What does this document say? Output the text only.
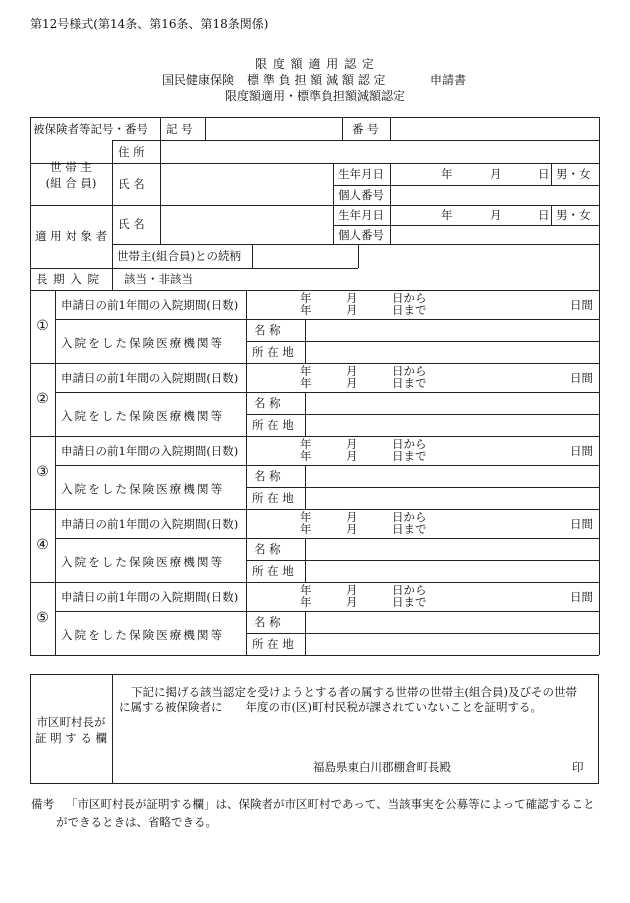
第12号様式(第14条、第16条、第18条関係)
限 度 額 適 用 認 定
国民健康保険 標 準 負 担 額 減 額 認 定	申請書
限度額適用・標準負担額減額認定
被保険者等記号・番号 記 号	番 号
世 帯 主
(組 合 員)
住 所
氏 名
生年月日	年	月	日 男・女
個人番号
適 用 対 象 者
氏 名
生年月日	年	月	日 男・女
個人番号
世帯主(組合員)との続柄
長 期 入 院 該当・非該当
①
申請日の前1年間の入院期間(日数)	年　　　月　　　日から
年　　　月　　　日まで	日間
入院をした保険医療機関等
名 称
所 在 地
②
申請日の前1年間の入院期間(日数)	年　　　月　　　日から
年　　　月　　　日まで	日間
入院をした保険医療機関等
名 称
所 在 地
③
申請日の前1年間の入院期間(日数)	年　　　月　　　日から
年　　　月　　　日まで	日間
入院をした保険医療機関等
名 称
所 在 地
④
申請日の前1年間の入院期間(日数)	年　　　月　　　日から
年　　　月　　　日まで	日間
入院をした保険医療機関等
名 称
所 在 地
⑤
申請日の前1年間の入院期間(日数)	年　　　月　　　日から
年　　　月　　　日まで	日間
入院をした保険医療機関等
名 称
所 在 地
市区町村長が
証 明 す る 欄
下記に掲げる該当認定を受けようとする者の属する世帯の世帯主(組合員)及びその世帯
に属する被保険者に　　年度の市(区)町村民税が課されていないことを証明する。
福島県東白川郡棚倉町長殿	印
備考 「市区町村長が証明する欄」は、保険者が市区町村であって、当該事実を公募等によって確認すること
ができるときは、省略できる。
